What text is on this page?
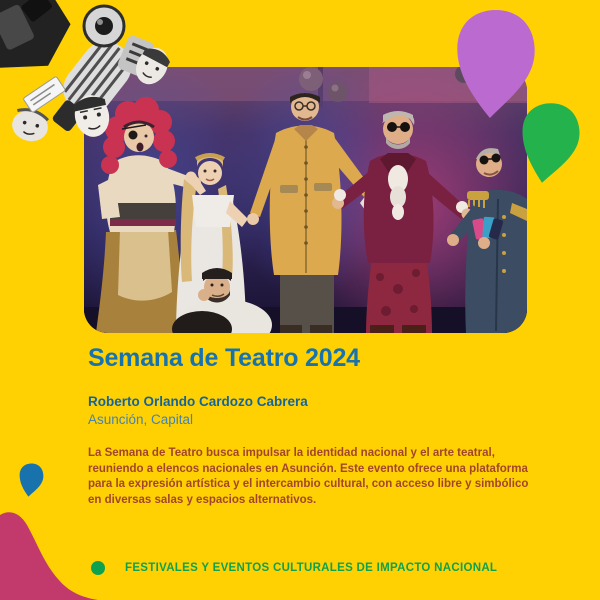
Semana de Teatro 2024
Roberto Orlando Cardozo Cabrera
Asunción, Capital

La Semana de Teatro busca impulsar la identidad nacional y el arte teatral, reuniendo a elencos nacionales en Asunción. Este evento ofrece una plataforma para la expresión artística y el intercambio cultural, con acceso libre y simbólico en diversas salas y espacios alternativos.

FESTIVALES Y EVENTOS CULTURALES DE IMPACTO NACIONAL
